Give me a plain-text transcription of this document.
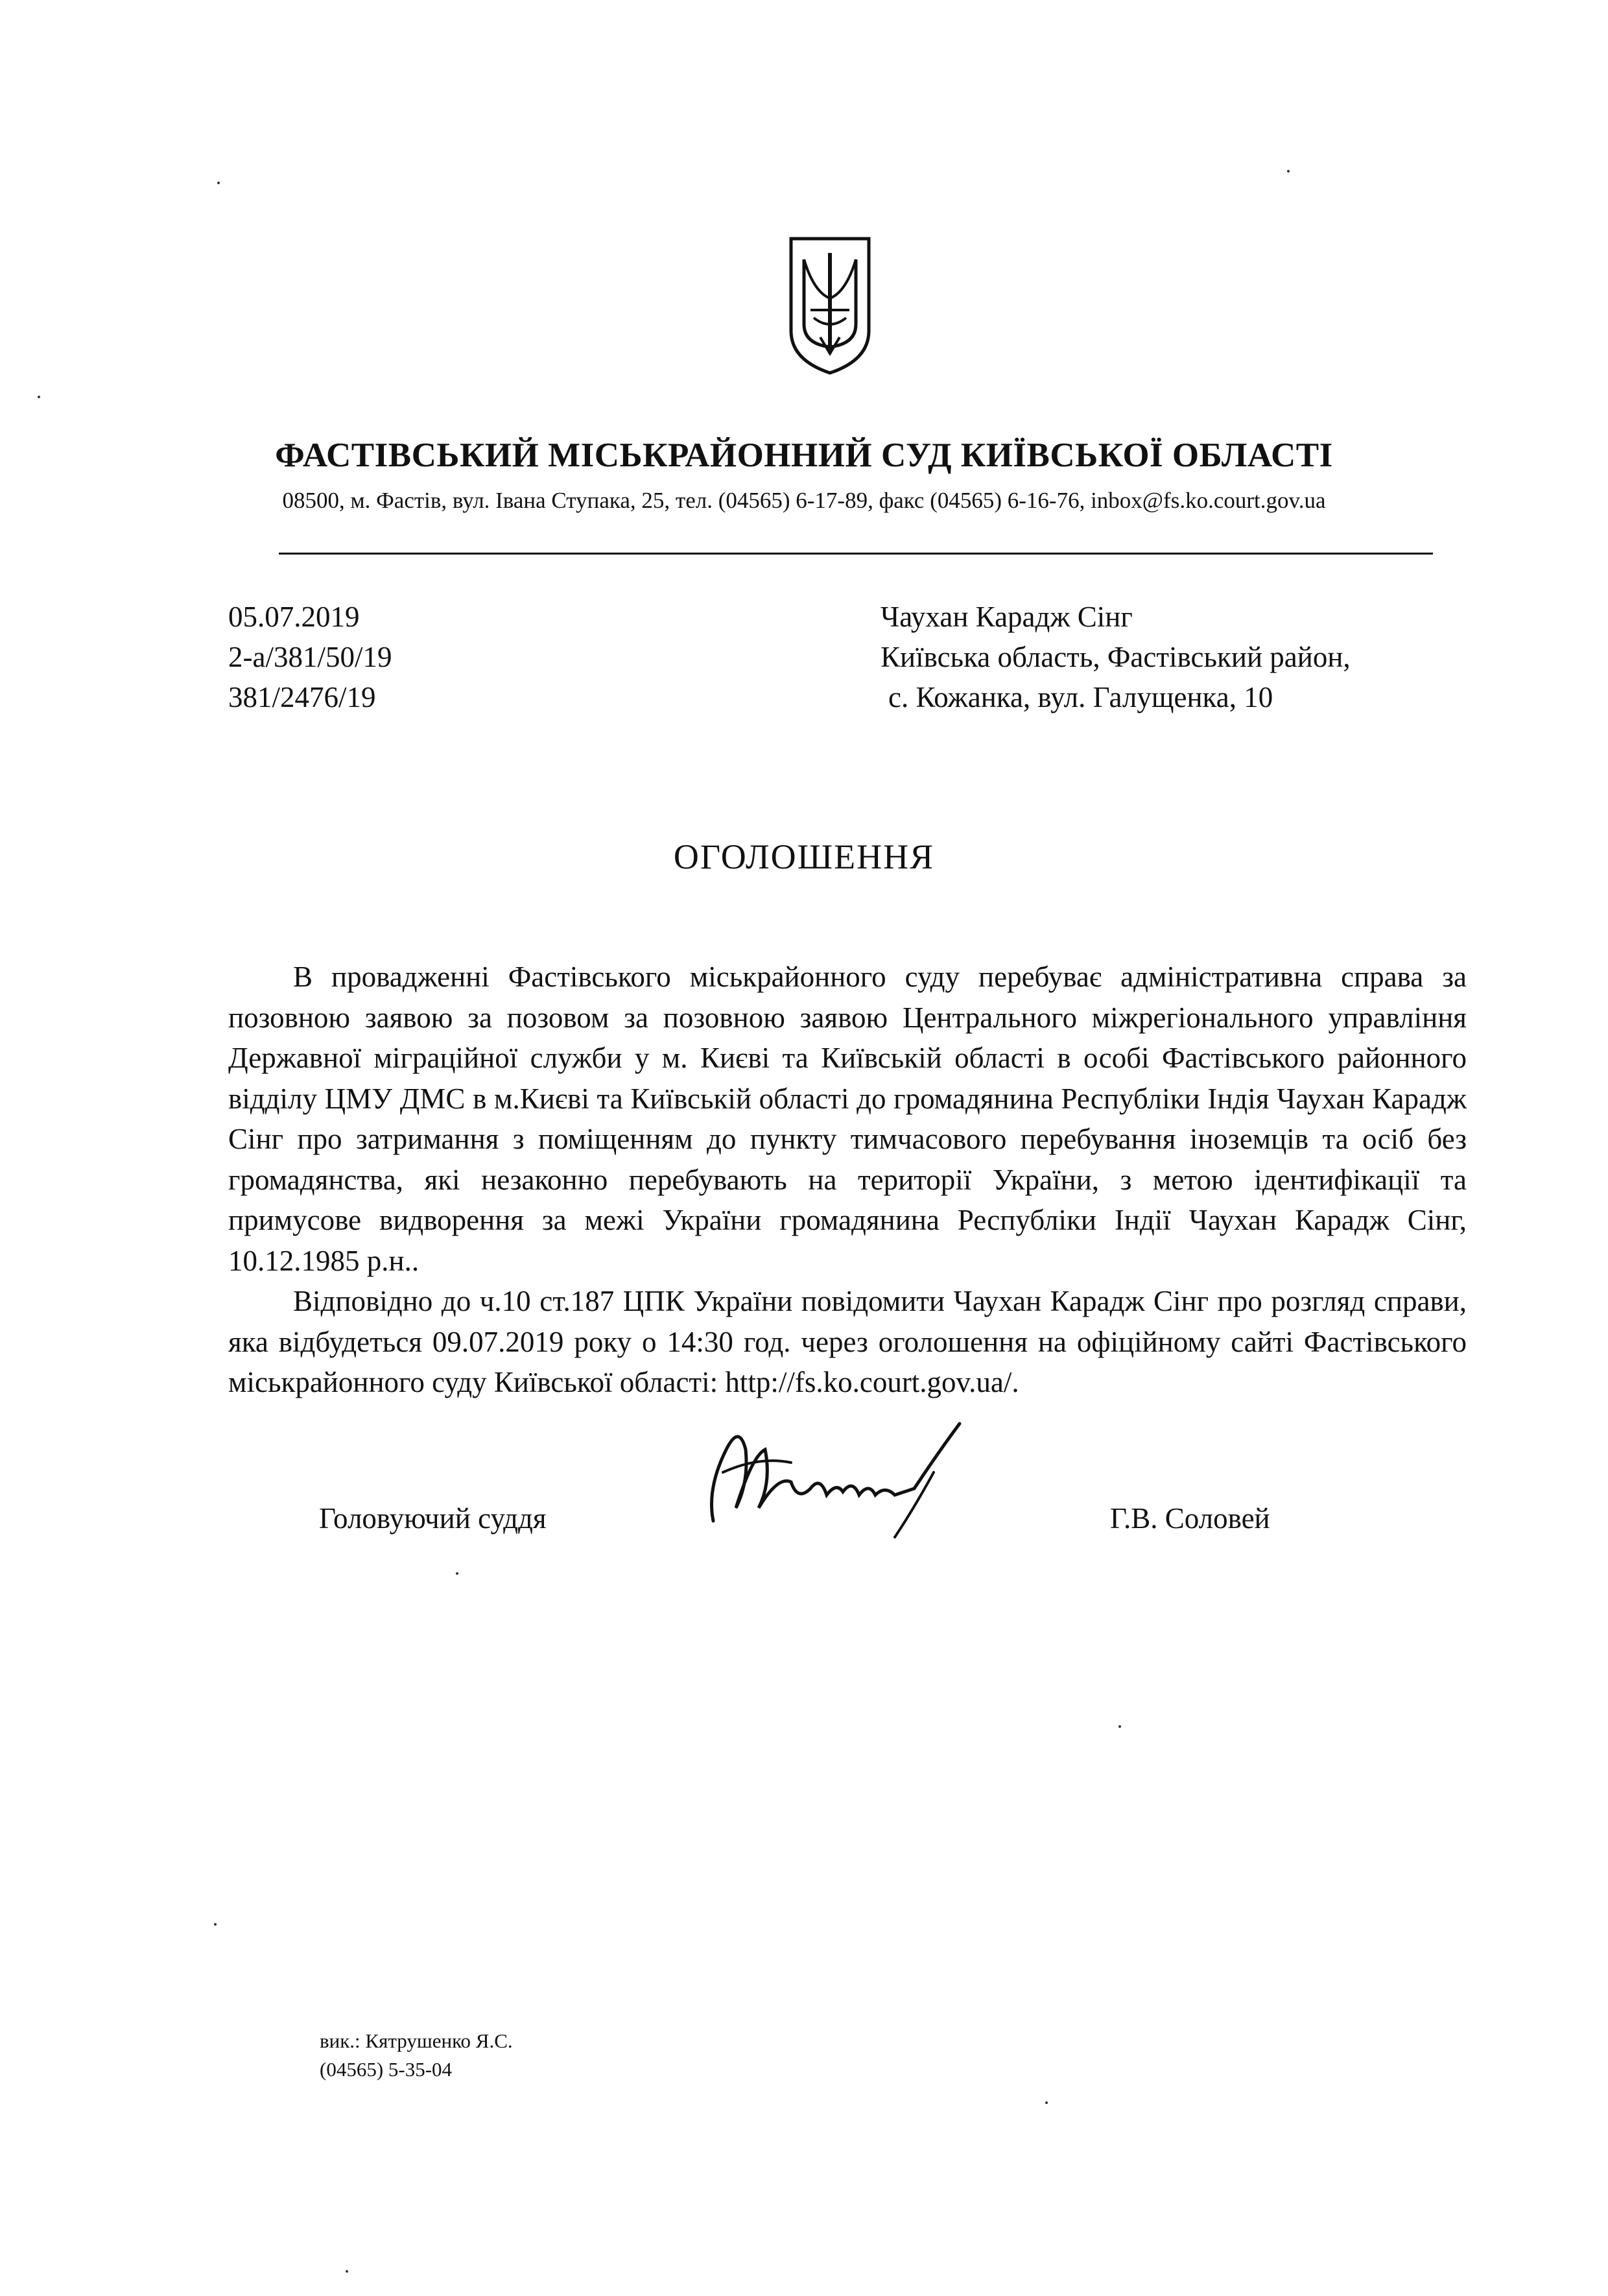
ФАСТІВСЬКИЙ МІСЬКРАЙОННИЙ СУД КИЇВСЬКОЇ ОБЛАСТІ
08500, м. Фастів, вул. Івана Ступака, 25, тел. (04565) 6-17-89, факс (04565) 6-16-76, inbox@fs.ko.court.gov.ua
05.07.2019
2-а/381/50/19
381/2476/19
Чаухан Карадж Сінг
Київська область, Фастівський район,
с. Кожанка, вул. Галущенка, 10
ОГОЛОШЕННЯ

В провадженні Фастівського міськрайонного суду перебуває адміністративна справа за позовною заявою за позовом за позовною заявою Центрального міжрегіонального управління Державної міграційної служби у м. Києві та Київській області в особі Фастівського районного відділу ЦМУ ДМС в м.Києві та Київській області до громадянина Республіки Індія Чаухан Карадж Сінг про затримання з поміщенням до пункту тимчасового перебування іноземців та осіб без громадянства, які незаконно перебувають на території України, з метою ідентифікації та примусове видворення за межі України громадянина Республіки Індії Чаухан Карадж Сінг, 10.12.1985 р.н..

Відповідно до ч.10 ст.187 ЦПК України повідомити Чаухан Карадж Сінг про розгляд справи, яка відбудеться 09.07.2019 року о 14:30 год. через оголошення на офіційному сайті Фастівського міськрайонного суду Київської області: http://fs.ko.court.gov.ua/.

Головуючий суддя	Г.В. Соловей
вик.: Кятрушенко Я.С.
(04565) 5-35-04
